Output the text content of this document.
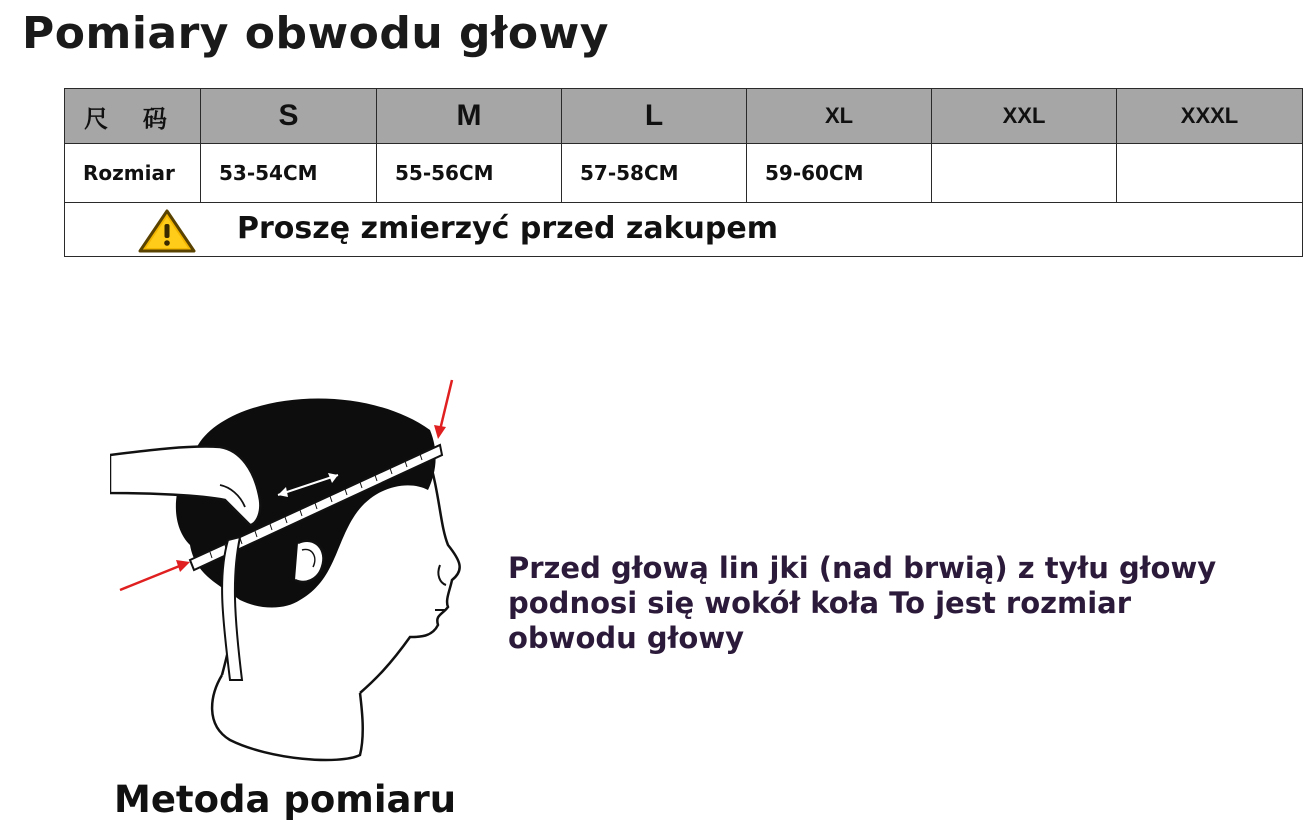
Pomiary obwodu głowy
尺 码	S	M	L	XL	XXL	XXXL
Rozmiar	53-54CM	55-56CM	57-58CM	59-60CM		

Proszę zmierzyć przed zakupem						
Przed głową lin jki (nad brwią) z tyłu głowy podnosi się wokół koła To jest rozmiar obwodu głowy
Metoda pomiaru
